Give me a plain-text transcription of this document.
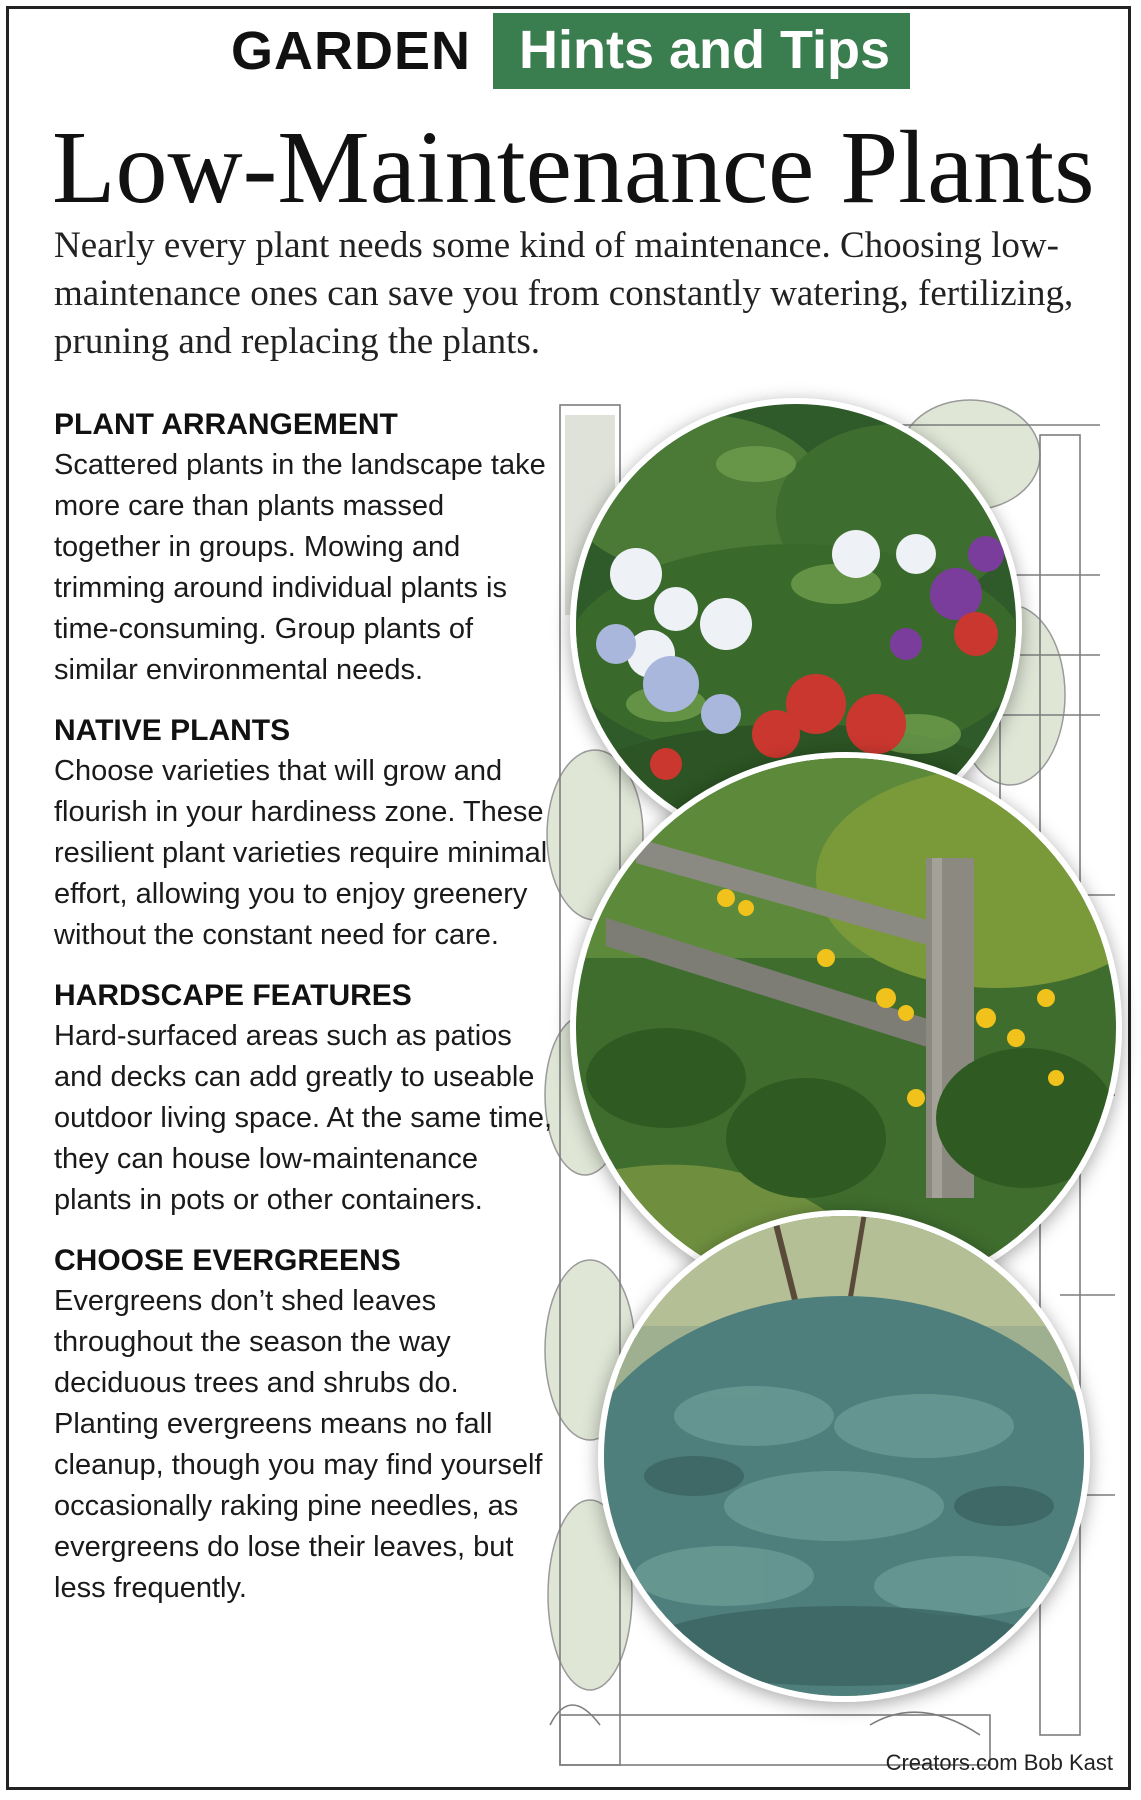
GARDEN Hints and Tips
Low-Maintenance Plants
Nearly every plant needs some kind of maintenance. Choosing low-maintenance ones can save you from constantly watering, fertilizing, pruning and replacing the plants.
PLANT ARRANGEMENT
Scattered plants in the landscape take more care than plants massed together in groups. Mowing and trimming around individual plants is time-consuming. Group plants of similar environmental needs.
NATIVE PLANTS
Choose varieties that will grow and flourish in your hardiness zone. These resilient plant varieties require minimal effort, allowing you to enjoy greenery without the constant need for care.
HARDSCAPE FEATURES
Hard-surfaced areas such as patios and decks can add greatly to useable outdoor living space. At the same time, they can house low-maintenance plants in pots or other containers.
CHOOSE EVERGREENS
Evergreens don’t shed leaves throughout the season the way deciduous trees and shrubs do. Planting evergreens means no fall cleanup, though you may find yourself occasionally raking pine needles, as evergreens do lose their leaves, but less frequently.
Creators.com Bob Kast
